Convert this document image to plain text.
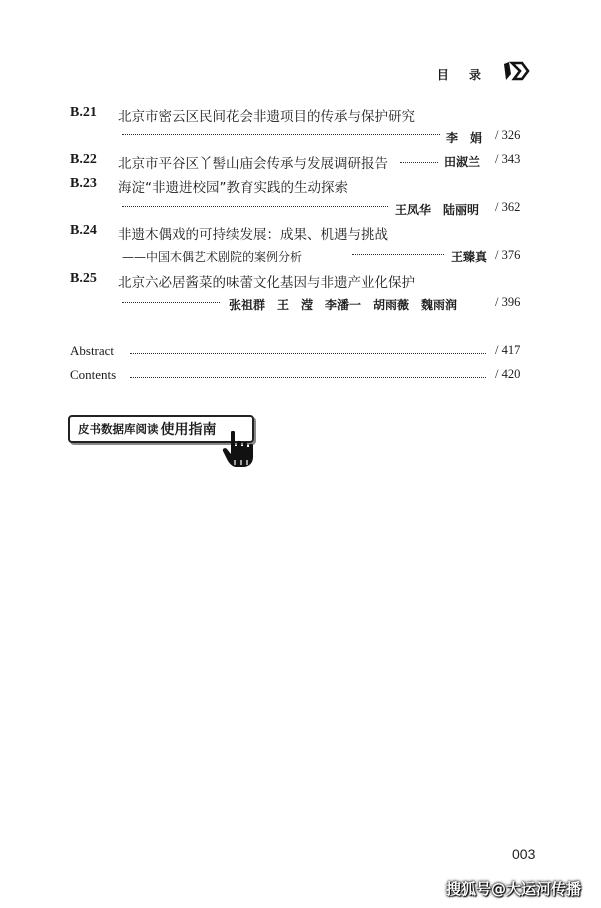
目 录
B.21 北京市密云区民间花会非遗项目的传承与保护研究
李　娟 / 326
B.22 北京市平谷区丫髻山庙会传承与发展调研报告	田淑兰 / 343
B.23 海淀“非遗进校园”教育实践的生动探索
王凤华　陆丽明 / 362
B.24 非遗木偶戏的可持续发展：成果、机遇与挑战
——中国木偶艺术剧院的案例分析	王臻真 / 376
B.25 北京六必居酱菜的味蕾文化基因与非遗产业化保护
张祖群　王　滢　李潘一　胡雨薇　魏雨润	/ 396
Abstract	/ 417
Contents	/ 420
皮书数据库阅读 使用指南
003
搜狐号@大运河传播
